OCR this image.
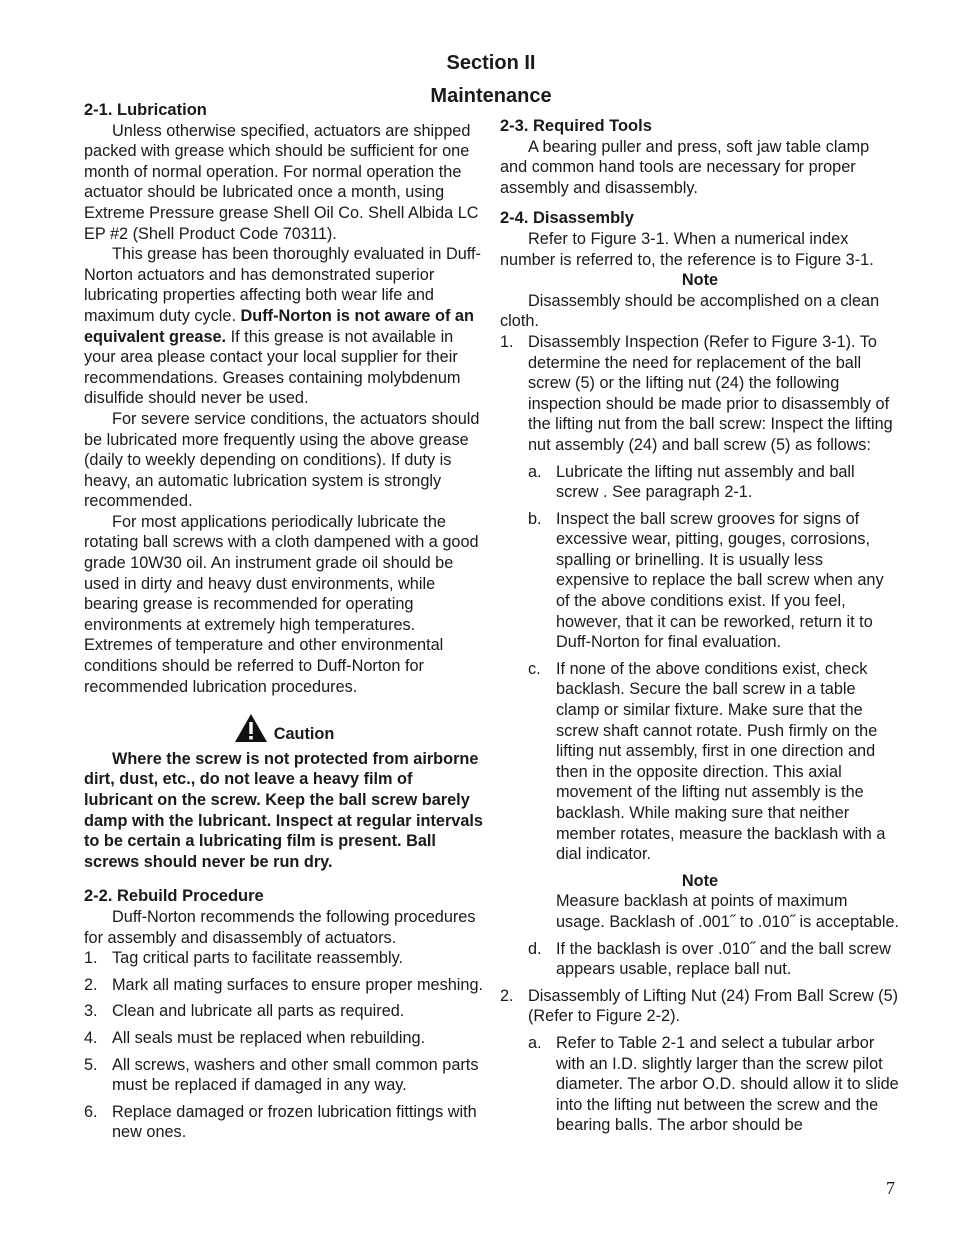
Section II
Maintenance
2-1. Lubrication

Unless otherwise specified, actuators are shipped packed with grease which should be sufficient for one month of normal operation. For normal operation the actuator should be lubricated once a month, using Extreme Pressure grease Shell Oil Co. Shell Albida LC EP #2 (Shell Product Code 70311).

This grease has been thoroughly evaluated in Duff-Norton actuators and has demonstrated superior lubricating properties affecting both wear life and maximum duty cycle. Duff-Norton is not aware of an equivalent grease. If this grease is not available in your area please contact your local supplier for their recommendations. Greases containing molybdenum disulfide should never be used.

For severe service conditions, the actuators should be lubricated more frequently using the above grease (daily to weekly depending on conditions). If duty is heavy, an automatic lubrication system is strongly recommended.

For most applications periodically lubricate the rotating ball screws with a cloth dampened with a good grade 10W30 oil. An instrument grade oil should be used in dirty and heavy dust environments, while bearing grease is recommended for operating environments at extremely high temperatures. Extremes of temperature and other environmental conditions should be referred to Duff-Norton for recommended lubrication procedures.

Caution

Where the screw is not protected from airborne dirt, dust, etc., do not leave a heavy film of lubricant on the screw. Keep the ball screw barely damp with the lubricant. Inspect at regular intervals to be certain a lubricating film is present. Ball screws should never be run dry.

2-2. Rebuild Procedure

Duff-Norton recommends the following procedures for assembly and disassembly of actuators.

1. Tag critical parts to facilitate reassembly.
2. Mark all mating surfaces to ensure proper meshing.
3. Clean and lubricate all parts as required.
4. All seals must be replaced when rebuilding.
5. All screws, washers and other small common parts must be replaced if damaged in any way.
6. Replace damaged or frozen lubrication fittings with new ones.
2-3. Required Tools

A bearing puller and press, soft jaw table clamp and common hand tools are necessary for proper assembly and disassembly.

2-4. Disassembly

Refer to Figure 3-1. When a numerical index number is referred to, the reference is to Figure 3-1.

Note

Disassembly should be accomplished on a clean cloth.

1. Disassembly Inspection (Refer to Figure 3-1). To determine the need for replacement of the ball screw (5) or the lifting nut (24) the following inspection should be made prior to disassembly of the lifting nut from the ball screw: Inspect the lifting nut assembly (24) and ball screw (5) as follows:
a. Lubricate the lifting nut assembly and ball screw . See paragraph 2-1.
b. Inspect the ball screw grooves for signs of excessive wear, pitting, gouges, corrosions, spalling or brinelling. It is usually less expensive to replace the ball screw when any of the above conditions exist. If you feel, however, that it can be reworked, return it to Duff-Norton for final evaluation.
c. If none of the above conditions exist, check backlash. Secure the ball screw in a table clamp or similar fixture. Make sure that the screw shaft cannot rotate. Push firmly on the lifting nut assembly, first in one direction and then in the opposite direction. This axial movement of the lifting nut assembly is the backlash. While making sure that neither member rotates, measure the backlash with a dial indicator.

Note

Measure backlash at points of maximum usage. Backlash of .001˝ to .010˝ is acceptable.

d. If the backlash is over .010˝ and the ball screw appears usable, replace ball nut.
2. Disassembly of Lifting Nut (24) From Ball Screw (5) (Refer to Figure 2-2).
a. Refer to Table 2-1 and select a tubular arbor with an I.D. slightly larger than the screw pilot diameter. The arbor O.D. should allow it to slide into the lifting nut between the screw and the bearing balls. The arbor should be
7
